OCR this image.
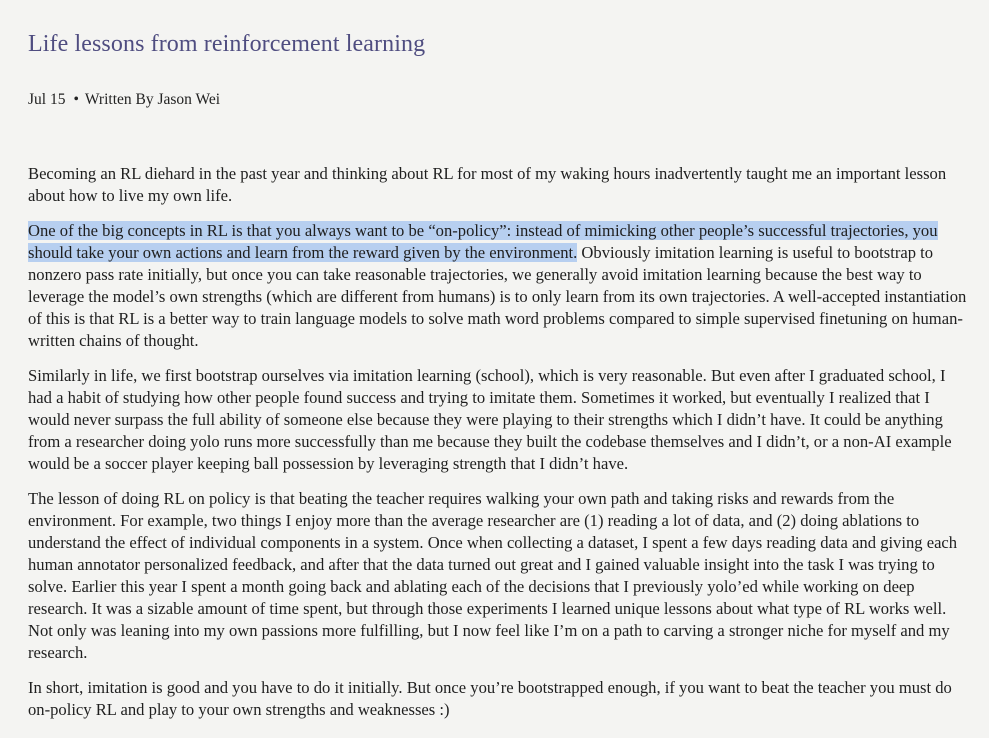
Life lessons from reinforcement learning
Jul 15 • Written By Jason Wei

Becoming an RL diehard in the past year and thinking about RL for most of my waking hours inadvertently taught me an important lesson about how to live my own life.

One of the big concepts in RL is that you always want to be “on-policy”: instead of mimicking other people’s successful trajectories, you should take your own actions and learn from the reward given by the environment. Obviously imitation learning is useful to bootstrap to nonzero pass rate initially, but once you can take reasonable trajectories, we generally avoid imitation learning because the best way to leverage the model’s own strengths (which are different from humans) is to only learn from its own trajectories. A well-accepted instantiation of this is that RL is a better way to train language models to solve math word problems compared to simple supervised finetuning on human-written chains of thought.

Similarly in life, we first bootstrap ourselves via imitation learning (school), which is very reasonable. But even after I graduated school, I had a habit of studying how other people found success and trying to imitate them. Sometimes it worked, but eventually I realized that I would never surpass the full ability of someone else because they were playing to their strengths which I didn’t have. It could be anything from a researcher doing yolo runs more successfully than me because they built the codebase themselves and I didn’t, or a non-AI example would be a soccer player keeping ball possession by leveraging strength that I didn’t have.

The lesson of doing RL on policy is that beating the teacher requires walking your own path and taking risks and rewards from the environment. For example, two things I enjoy more than the average researcher are (1) reading a lot of data, and (2) doing ablations to understand the effect of individual components in a system. Once when collecting a dataset, I spent a few days reading data and giving each human annotator personalized feedback, and after that the data turned out great and I gained valuable insight into the task I was trying to solve. Earlier this year I spent a month going back and ablating each of the decisions that I previously yolo’ed while working on deep research. It was a sizable amount of time spent, but through those experiments I learned unique lessons about what type of RL works well. Not only was leaning into my own passions more fulfilling, but I now feel like I’m on a path to carving a stronger niche for myself and my research.

In short, imitation is good and you have to do it initially. But once you’re bootstrapped enough, if you want to beat the teacher you must do on-policy RL and play to your own strengths and weaknesses :)
